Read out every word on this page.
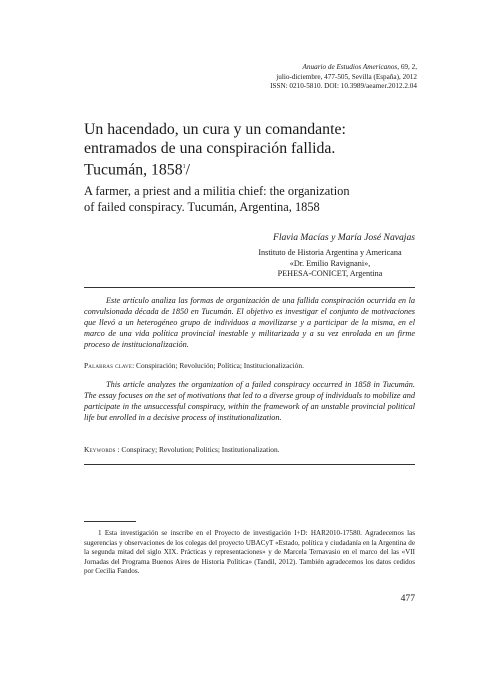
Anuario de Estudios Americanos, 69, 2,
julio-diciembre, 477-505, Sevilla (España), 2012
ISSN: 0210-5810. DOI: 10.3989/aeamer.2012.2.04
Un hacendado, un cura y un comandante:
entramados de una conspiración fallida.
Tucumán, 1858$^1$/
A farmer, a priest and a militia chief: the organization
of failed conspiracy. Tucumán, Argentina, 1858
Flavia Macías y María José Navajas
Instituto de Historia Argentina y Americana
«Dr. Emilio Ravignani»,
PEHESA-CONICET, Argentina

Este artículo analiza las formas de organización de una fallida conspiración ocurrida en la convulsionada década de 1850 en Tucumán. El objetivo es investigar el conjunto de motivaciones que llevó a un heterogéneo grupo de individuos a movilizarse y a participar de la misma, en el marco de una vida política provincial inestable y militarizada y a su vez enrolada en un firme proceso de institucionalización.

Palabras clave: Conspiración; Revolución; Política; Institucionalización.

This article analyzes the organization of a failed conspiracy occurred in 1858 in Tucumán. The essay focuses on the set of motivations that led to a diverse group of individuals to mobilize and participate in the unsuccessful conspiracy, within the framework of an unstable provincial political life but enrolled in a decisive process of institutionalization.

Keywords : Conspiracy; Revolution; Politics; Institutionalization.

1 Esta investigación se inscribe en el Proyecto de investigación I+D: HAR2010-17580. Agradecemos las sugerencias y observaciones de los colegas del proyecto UBACyT «Estado, política y ciudadanía en la Argentina de la segunda mitad del siglo XIX. Prácticas y representaciones» y de Marcela Ternavasio en el marco del las «VII Jornadas del Programa Buenos Aires de Historia Política» (Tandil, 2012). También agradecemos los datos cedidos por Cecilia Fandos.

477
